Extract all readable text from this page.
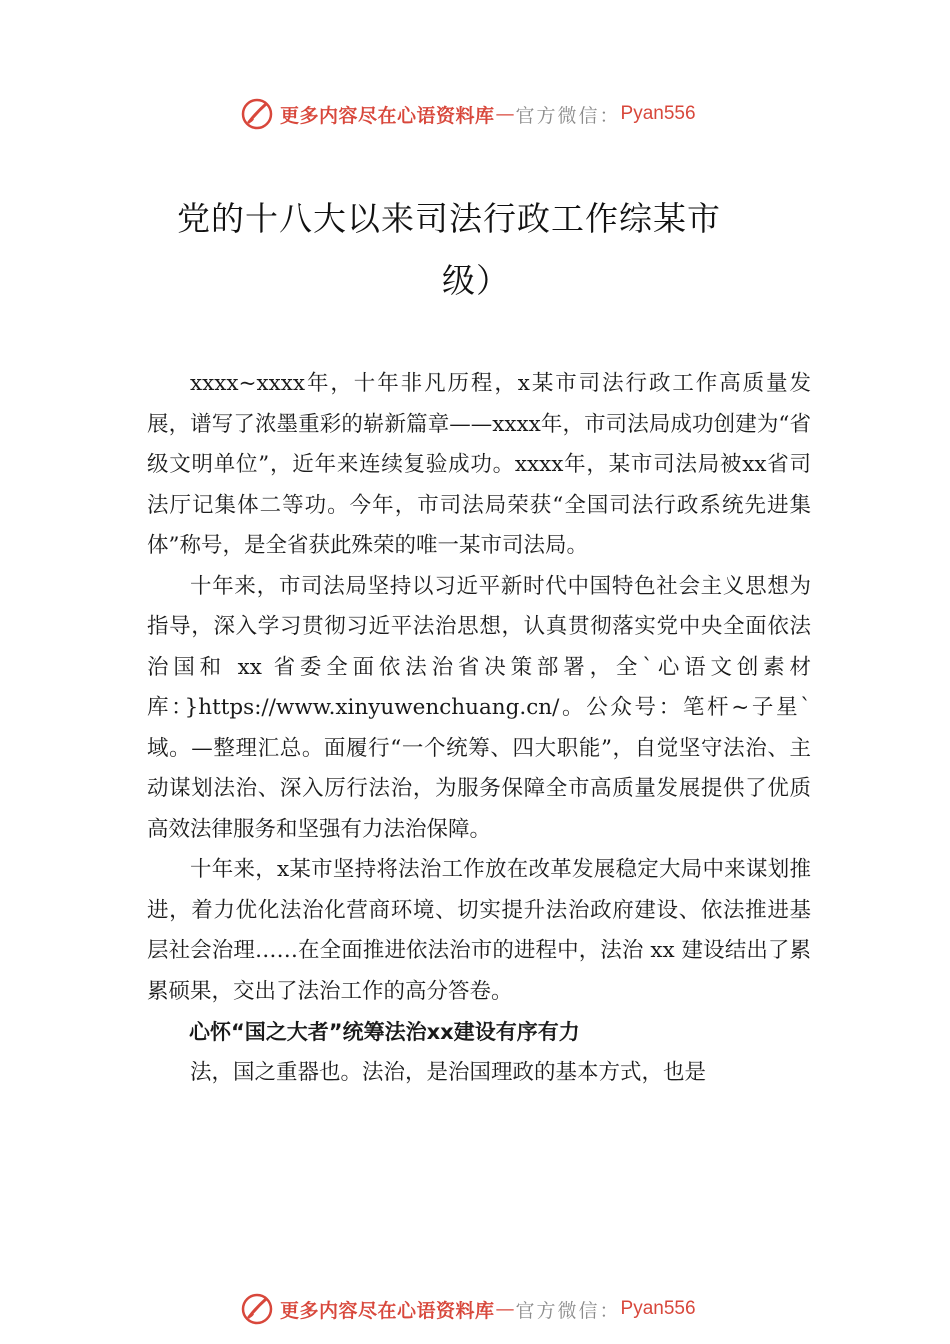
更多内容尽在心语资料库 — 官方微信： Pyan556
党的十八大以来司法行政工作综某市
级）

xxxx~xxxx年，十年非凡历程，x某市司法行政工作高质量发展，谱写了浓墨重彩的崭新篇章——xxxx年，市司法局成功创建为“省级文明单位”，近年来连续复验成功。xxxx年，某市司法局被xx省司法厅记集体二等功。今年，市司法局荣获“全国司法行政系统先进集体”称号，是全省获此殊荣的唯一某市司法局。

十年来，市司法局坚持以习近平新时代中国特色社会主义思想为指导，深入学习贯彻习近平法治思想，认真贯彻落实党中央全面依法治国和 xx 省委全面依法治省决策部署，全`心语文创素材库：}https://www.xinyuwenchuang.cn/。公众号：笔杆~子星`域。—整理汇总。面履行“一个统筹、四大职能”，自觉坚守法治、主动谋划法治、深入厉行法治，为服务保障全市高质量发展提供了优质高效法律服务和坚强有力法治保障。

十年来，x某市坚持将法治工作放在改革发展稳定大局中来谋划推进，着力优化法治化营商环境、切实提升法治政府建设、依法推进基层社会治理……在全面推进依法治市的进程中，法治 xx 建设结出了累累硕果，交出了法治工作的高分答卷。

心怀“国之大者”统筹法治xx建设有序有力

法，国之重器也。法治，是治国理政的基本方式，也是

更多内容尽在心语资料库 — 官方微信： Pyan556
